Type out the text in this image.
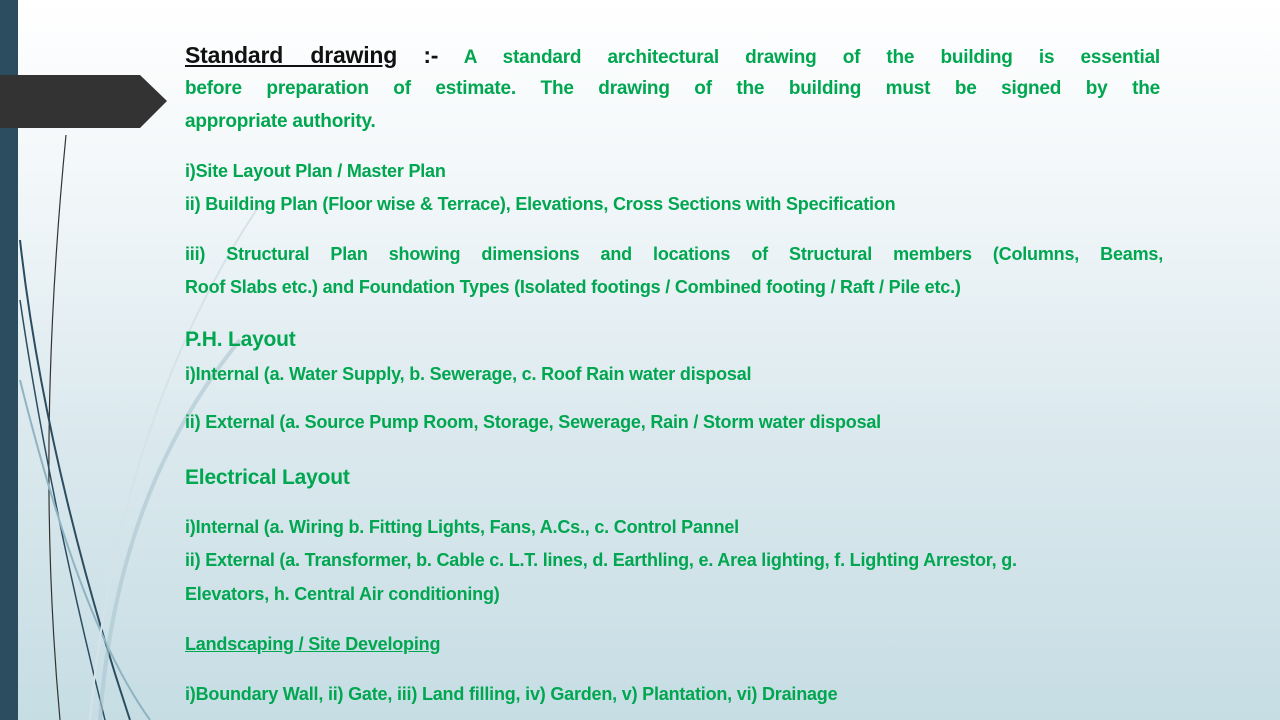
Standard drawing :- A standard architectural drawing of the building is essential
before preparation of estimate. The drawing of the building must be signed by the
appropriate authority.
i)Site Layout Plan / Master Plan
ii) Building Plan (Floor wise & Terrace), Elevations, Cross Sections with Specification
iii) Structural Plan showing dimensions and locations of Structural members (Columns, Beams,
Roof Slabs etc.) and Foundation Types (Isolated footings / Combined footing / Raft / Pile etc.)
P.H. Layout
i)Internal (a. Water Supply, b. Sewerage, c. Roof Rain water disposal
ii) External (a. Source Pump Room, Storage, Sewerage, Rain / Storm water disposal
Electrical Layout
i)Internal (a. Wiring b. Fitting Lights, Fans, A.Cs., c. Control Pannel
ii) External (a. Transformer, b. Cable c. L.T. lines, d. Earthling, e. Area lighting, f. Lighting Arrestor, g.
Elevators, h. Central Air conditioning)
Landscaping / Site Developing
i)Boundary Wall, ii) Gate, iii) Land filling, iv) Garden, v) Plantation, vi) Drainage
